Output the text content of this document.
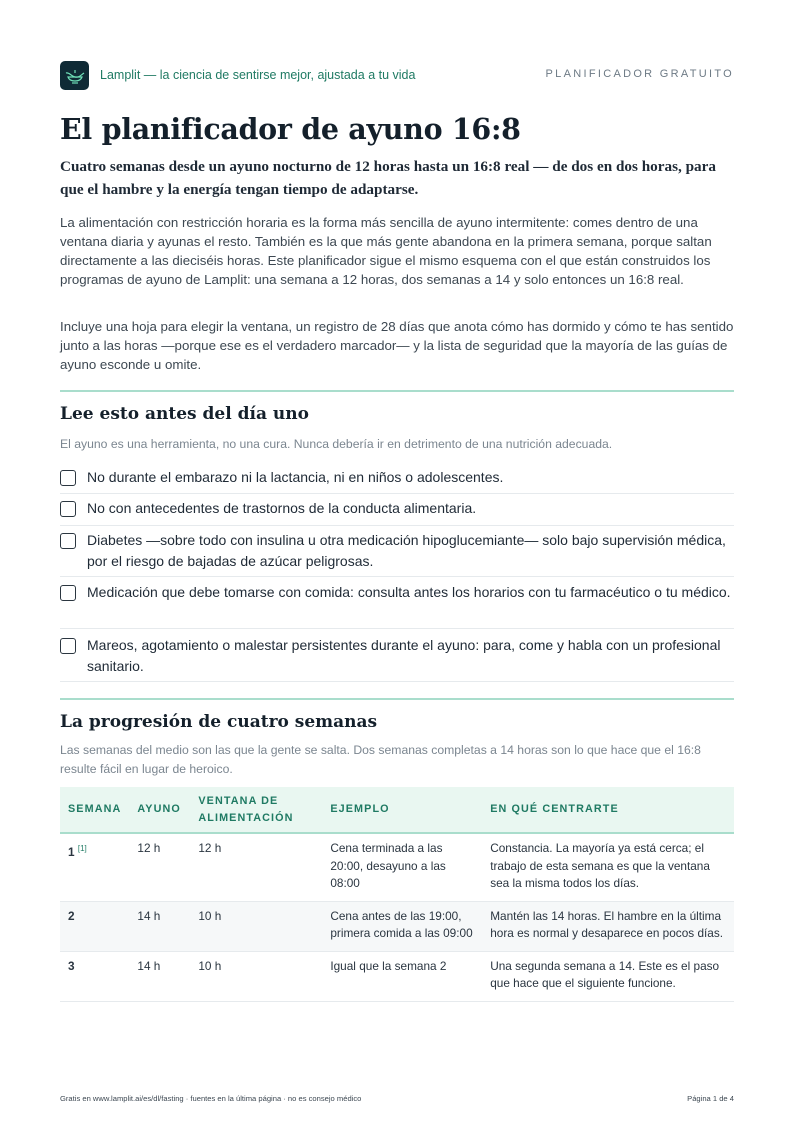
Lamplit — la ciencia de sentirse mejor, ajustada a tu vida	PLANIFICADOR GRATUITO
El planificador de ayuno 16:8
Cuatro semanas desde un ayuno nocturno de 12 horas hasta un 16:8 real — de dos en dos horas, para que el hambre y la energía tengan tiempo de adaptarse.

La alimentación con restricción horaria es la forma más sencilla de ayuno intermitente: comes dentro de una ventana diaria y ayunas el resto. También es la que más gente abandona en la primera semana, porque saltan directamente a las dieciséis horas. Este planificador sigue el mismo esquema con el que están construidos los programas de ayuno de Lamplit: una semana a 12 horas, dos semanas a 14 y solo entonces un 16:8 real.

Incluye una hoja para elegir la ventana, un registro de 28 días que anota cómo has dormido y cómo te has sentido junto a las horas —porque ese es el verdadero marcador— y la lista de seguridad que la mayoría de las guías de ayuno esconde u omite.

Lee esto antes del día uno
El ayuno es una herramienta, no una cura. Nunca debería ir en detrimento de una nutrición adecuada.
No durante el embarazo ni la lactancia, ni en niños o adolescentes.
No con antecedentes de trastornos de la conducta alimentaria.
Diabetes —sobre todo con insulina u otra medicación hipoglucemiante— solo bajo supervisión médica, por el riesgo de bajadas de azúcar peligrosas.
Medicación que debe tomarse con comida: consulta antes los horarios con tu farmacéutico o tu médico.
Mareos, agotamiento o malestar persistentes durante el ayuno: para, come y habla con un profesional sanitario.
La progresión de cuatro semanas
Las semanas del medio son las que la gente se salta. Dos semanas completas a 14 horas son lo que hace que el 16:8 resulte fácil en lugar de heroico.
SEMANA	AYUNO	VENTANA DE ALIMENTACIÓN	EJEMPLO	EN QUÉ CENTRARTE
1 [1]	12 h	12 h	Cena terminada a las 20:00, desayuno a las 08:00	Constancia. La mayoría ya está cerca; el trabajo de esta semana es que la ventana sea la misma todos los días.
2	14 h	10 h	Cena antes de las 19:00, primera comida a las 09:00	Mantén las 14 horas. El hambre en la última hora es normal y desaparece en pocos días.
3	14 h	10 h	Igual que la semana 2	Una segunda semana a 14. Este es el paso que hace que el siguiente funcione.
Gratis en www.lamplit.ai/es/dl/fasting · fuentes en la última página · no es consejo médico	Página 1 de 4
